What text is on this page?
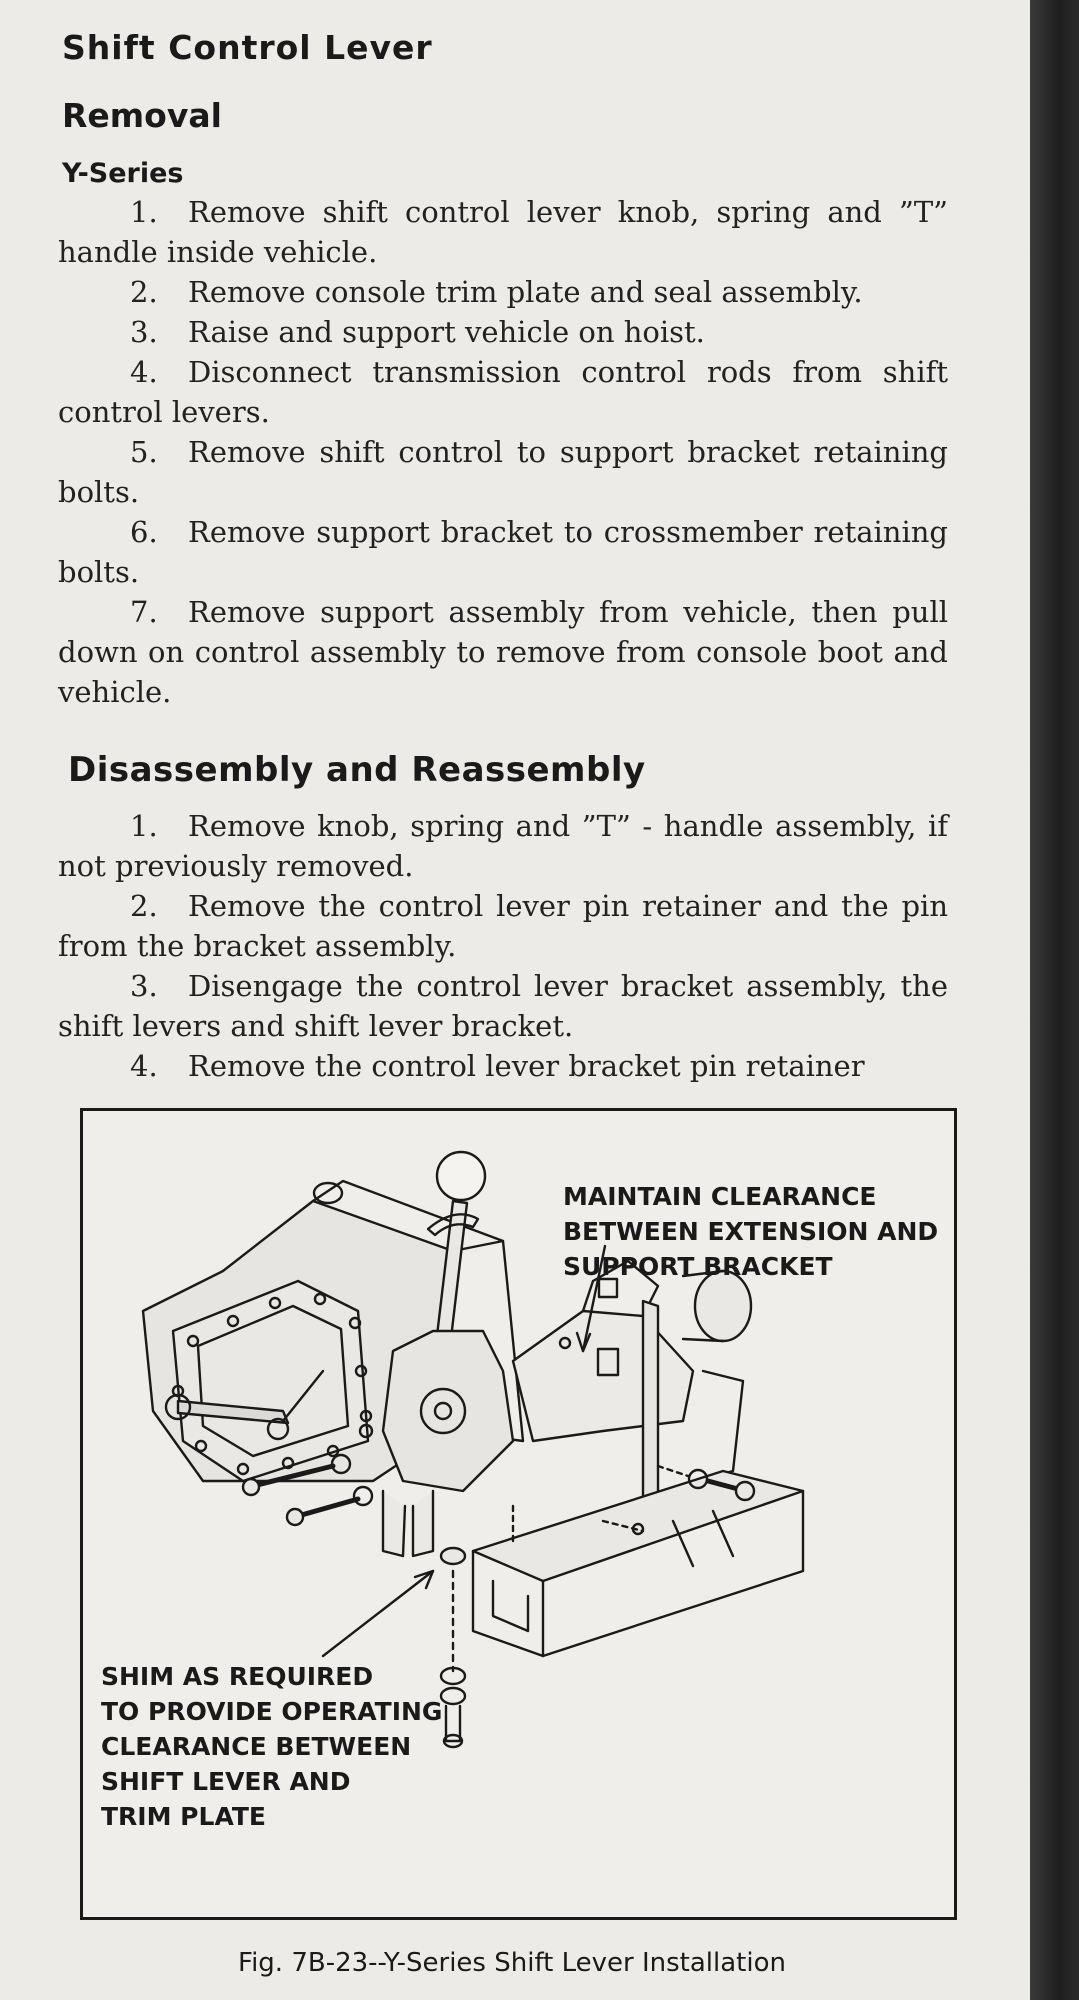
Shift Control Lever
Removal
Y-Series
1. Remove shift control lever knob, spring and ”T” handle inside vehicle.
2. Remove console trim plate and seal assembly.
3. Raise and support vehicle on hoist.
4. Disconnect transmission control rods from shift control levers.
5. Remove shift control to support bracket retaining bolts.
6. Remove support bracket to crossmember retaining bolts.
7. Remove support assembly from vehicle, then pull down on control assembly to remove from console boot and vehicle.
Disassembly and Reassembly
1. Remove knob, spring and ”T” - handle assembly, if not previously removed.
2. Remove the control lever pin retainer and the pin from the bracket assembly.
3. Disengage the control lever bracket assembly, the shift levers and shift lever bracket.
4. Remove the control lever bracket pin retainer

MAINTAIN CLEARANCE
BETWEEN EXTENSION AND
SUPPORT BRACKET

SHIM AS REQUIRED
TO PROVIDE OPERATING
CLEARANCE BETWEEN
SHIFT LEVER AND
TRIM PLATE

Fig. 7B-23--Y-Series Shift Lever Installation
